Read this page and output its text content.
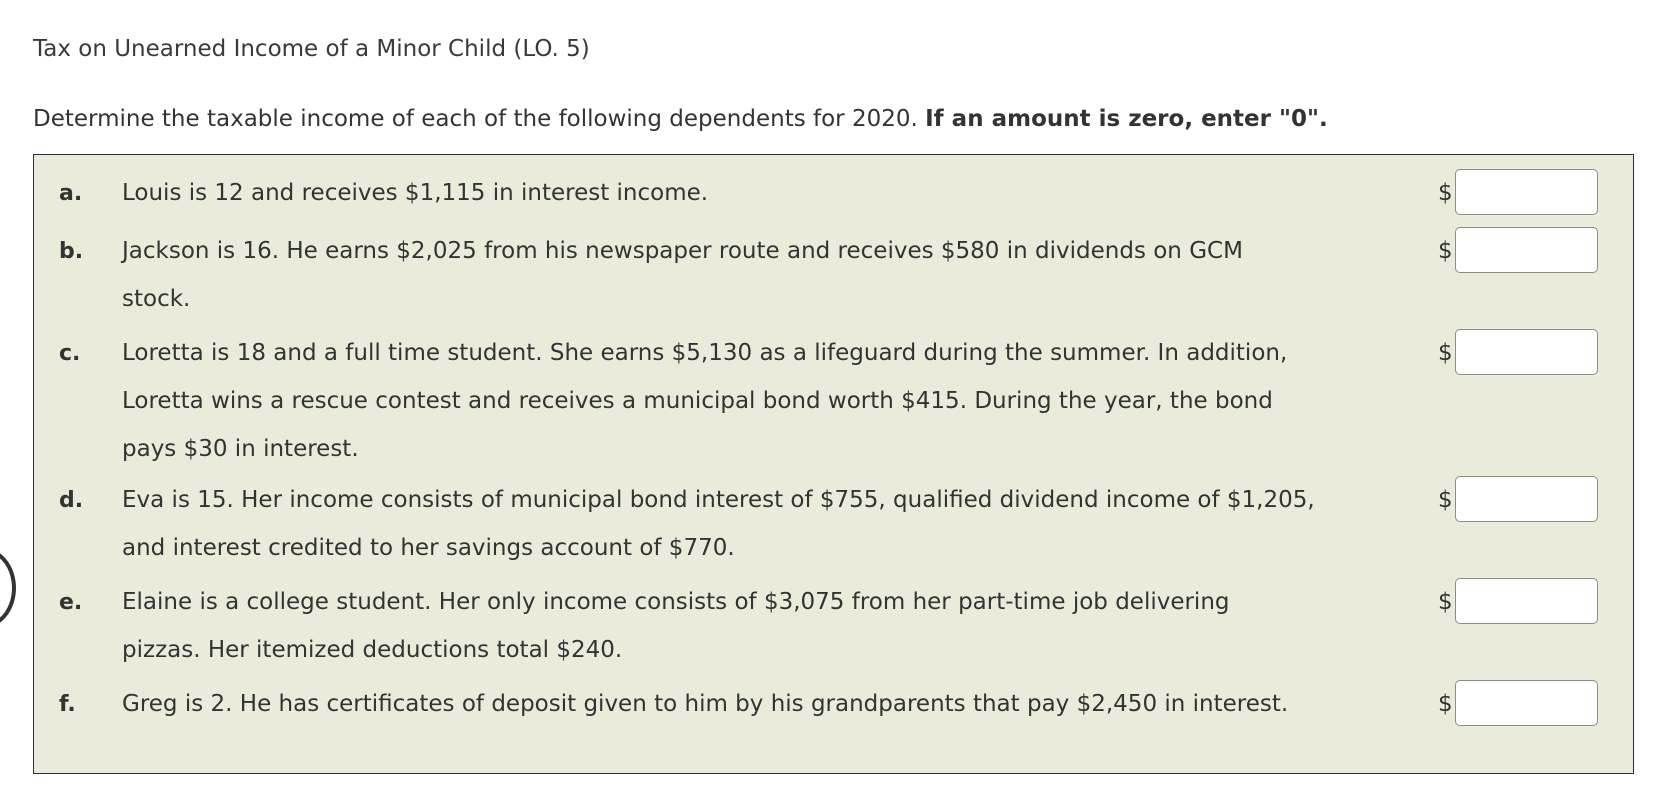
Tax on Unearned Income of a Minor Child (LO. 5)
Determine the taxable income of each of the following dependents for 2020. If an amount is zero, enter "0".
a. Louis is 12 and receives $1,115 in interest income.	$
b. Jackson is 16. He earns $2,025 from his newspaper route and receives $580 in dividends on GCM stock.
$
c. Loretta is 18 and a full time student. She earns $5,130 as a lifeguard during the summer. In addition, Loretta wins a rescue contest and receives a municipal bond worth $415. During the year, the bond pays $30 in interest.
$
d. Eva is 15. Her income consists of municipal bond interest of $755, qualified dividend income of $1,205, and interest credited to her savings account of $770.
$
e. Elaine is a college student. Her only income consists of $3,075 from her part-time job delivering pizzas. Her itemized deductions total $240.
$
f. Greg is 2. He has certificates of deposit given to him by his grandparents that pay $2,450 in interest.	$
